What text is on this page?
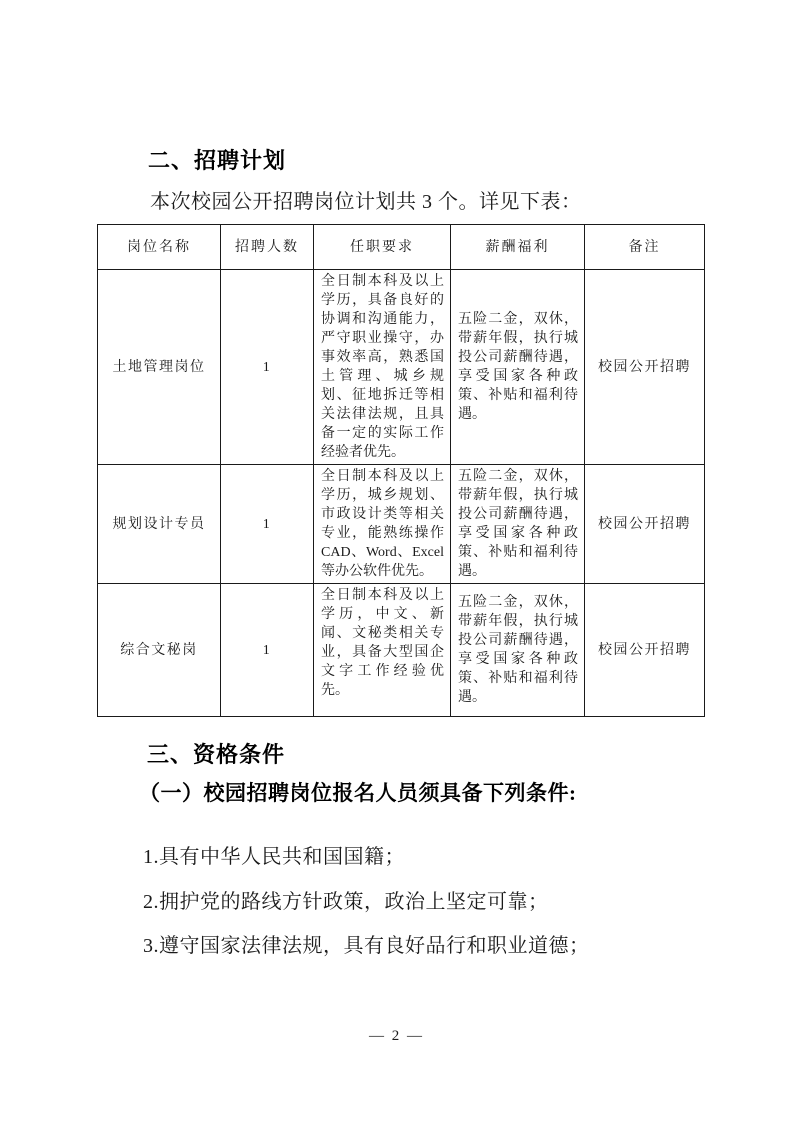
二、招聘计划
本次校园公开招聘岗位计划共 3 个。详见下表：
岗位名称	招聘人数	任职要求	薪酬福利	备注
土地管理岗位	1	全日制本科及以上学历，具备良好的协调和沟通能力，严守职业操守，办事效率高，熟悉国土管理、城乡规划、征地拆迁等相关法律法规，且具备一定的实际工作经验者优先。	五险二金，双休，带薪年假，执行城投公司薪酬待遇，享受国家各种政策、补贴和福利待遇。	校园公开招聘
规划设计专员	1	全日制本科及以上学历，城乡规划、市政设计类等相关专业，能熟练操作CAD、Word、Excel等办公软件优先。	五险二金，双休，带薪年假，执行城投公司薪酬待遇，享受国家各种政策、补贴和福利待遇。	校园公开招聘
综合文秘岗	1	全日制本科及以上学历，中文、新闻、文秘类相关专业，具备大型国企文字工作经验优先。	五险二金，双休，带薪年假，执行城投公司薪酬待遇，享受国家各种政策、补贴和福利待遇。	校园公开招聘
三、资格条件
（一）校园招聘岗位报名人员须具备下列条件:
1.具有中华人民共和国国籍；
2.拥护党的路线方针政策，政治上坚定可靠；
3.遵守国家法律法规，具有良好品行和职业道德；
— 2 —
